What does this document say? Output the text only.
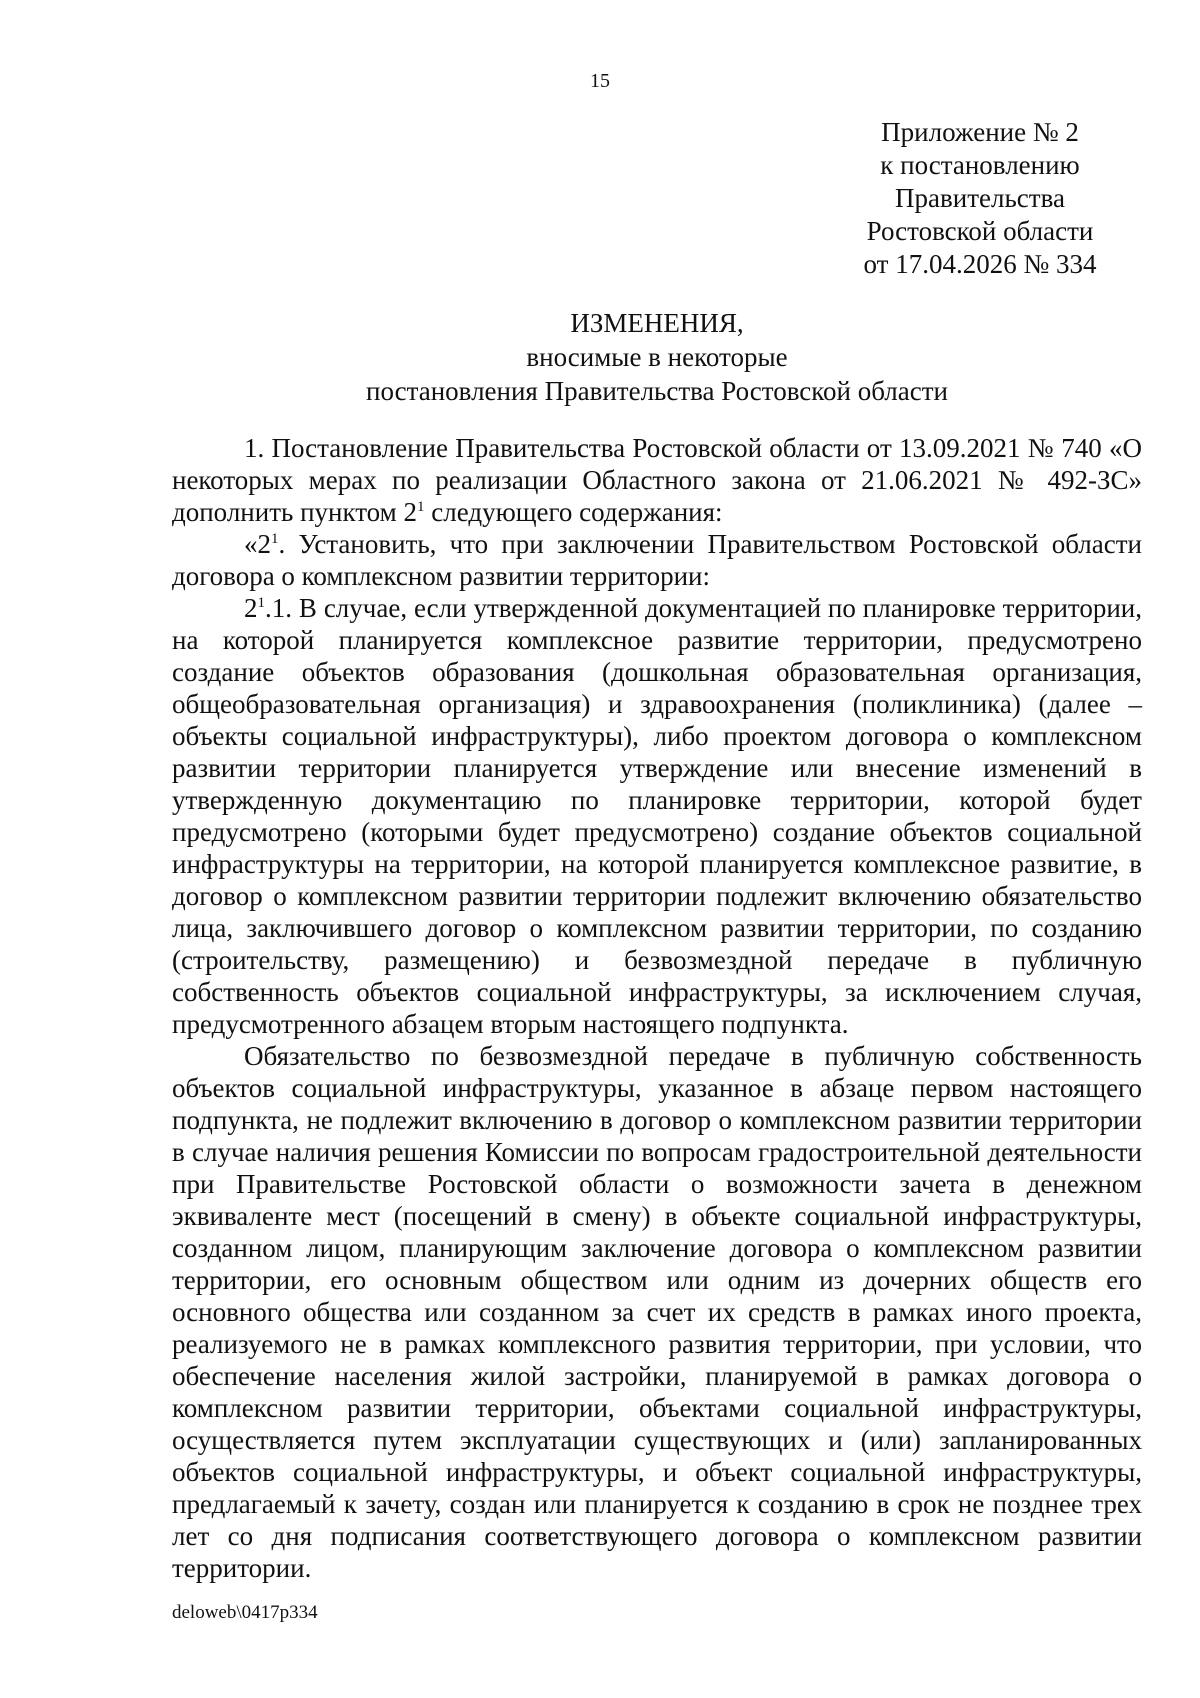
15
Приложение № 2
к постановлению
Правительства
Ростовской области
от 17.04.2026 № 334
ИЗМЕНЕНИЯ,
вносимые в некоторые
постановления Правительства Ростовской области

1. Постановление Правительства Ростовской области от 13.09.2021 № 740 «О некоторых мерах по реализации Областного закона от 21.06.2021 № 492-ЗС» дополнить пунктом $2^1$ следующего содержания:

«$2^1$. Установить, что при заключении Правительством Ростовской области договора о комплексном развитии территории:

$2^1.1$. В случае, если утвержденной документацией по планировке территории, на которой планируется комплексное развитие территории, предусмотрено создание объектов образования (дошкольная образовательная организация, общеобразовательная организация) и здравоохранения (поликлиника) (далее – объекты социальной инфраструктуры), либо проектом договора о комплексном развитии территории планируется утверждение или внесение изменений в утвержденную документацию по планировке территории, которой будет предусмотрено (которыми будет предусмотрено) создание объектов социальной инфраструктуры на территории, на которой планируется комплексное развитие, в договор о комплексном развитии территории подлежит включению обязательство лица, заключившего договор о комплексном развитии территории, по созданию (строительству, размещению) и безвозмездной передаче в публичную собственность объектов социальной инфраструктуры, за исключением случая, предусмотренного абзацем вторым настоящего подпункта.

Обязательство по безвозмездной передаче в публичную собственность объектов социальной инфраструктуры, указанное в абзаце первом настоящего подпункта, не подлежит включению в договор о комплексном развитии территории в случае наличия решения Комиссии по вопросам градостроительной деятельности при Правительстве Ростовской области о возможности зачета в денежном эквиваленте мест (посещений в смену) в объекте социальной инфраструктуры, созданном лицом, планирующим заключение договора о комплексном развитии территории, его основным обществом или одним из дочерних обществ его основного общества или созданном за счет их средств в рамках иного проекта, реализуемого не в рамках комплексного развития территории, при условии, что обеспечение населения жилой застройки, планируемой в рамках договора о комплексном развитии территории, объектами социальной инфраструктуры, осуществляется путем эксплуатации существующих и (или) запланированных объектов социальной инфраструктуры, и объект социальной инфраструктуры, предлагаемый к зачету, создан или планируется к созданию в срок не позднее трех лет со дня подписания соответствующего договора о комплексном развитии территории.

deloweb\0417p334
